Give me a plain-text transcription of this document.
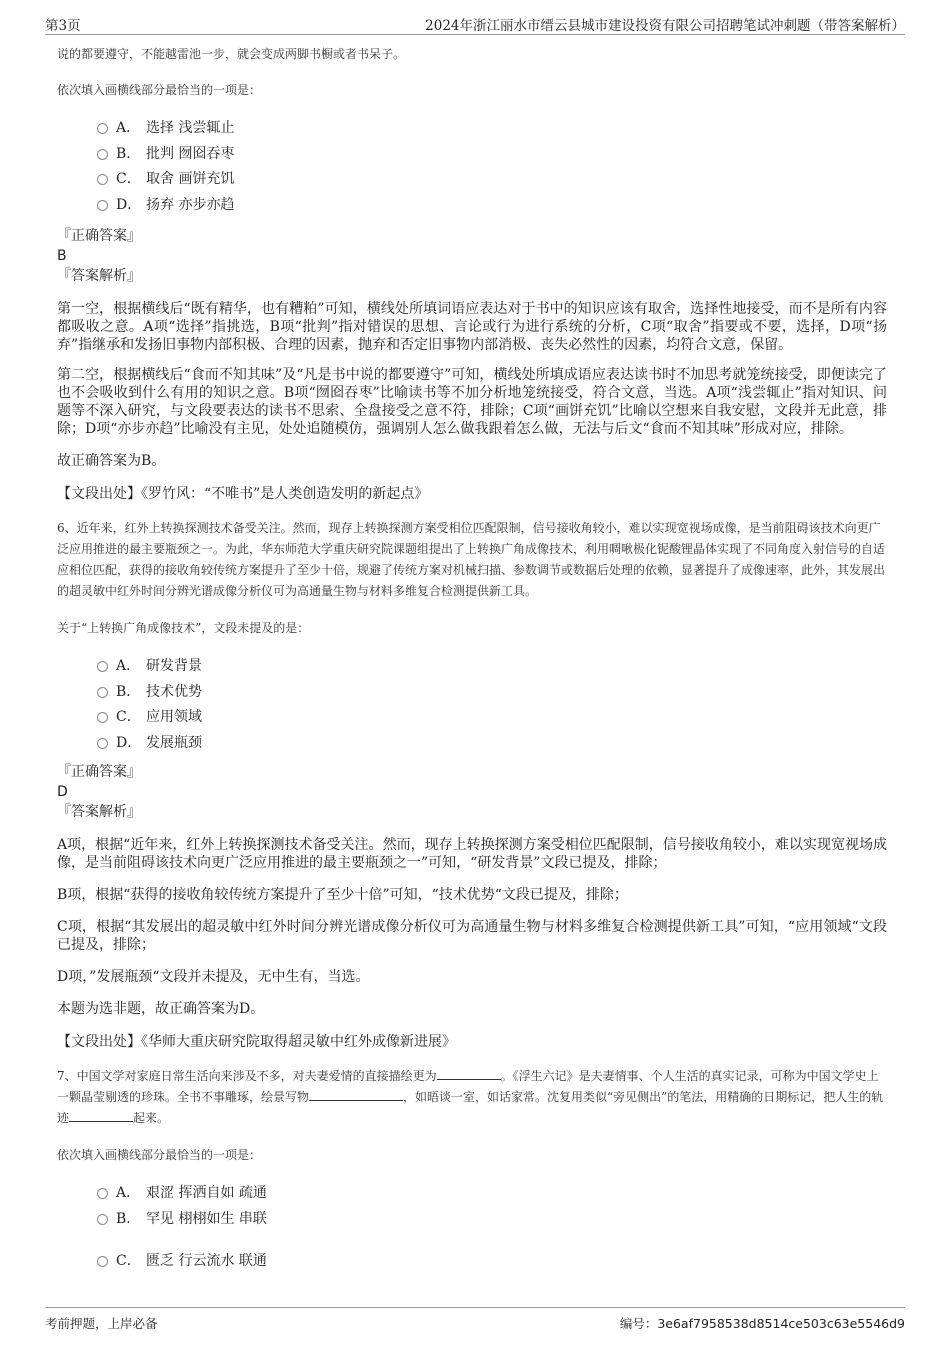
第3页	2024年浙江丽水市缙云县城市建设投资有限公司招聘笔试冲刺题（带答案解析）

说的都要遵守，不能越雷池一步，就会变成两脚书橱或者书呆子。

依次填入画横线部分最恰当的一项是：

A． 选择 浅尝辄止
B． 批判 囫囵吞枣
C． 取舍 画饼充饥
D． 扬弃 亦步亦趋

『正确答案』

B

『答案解析』

第一空，根据横线后“既有精华，也有糟粕”可知，横线处所填词语应表达对于书中的知识应该有取舍，选择性地接受，而不是所有内容都吸收之意。A项“选择”指挑选，B项“批判”指对错误的思想、言论或行为进行系统的分析，C项“取舍”指要或不要，选择，D项“扬弃”指继承和发扬旧事物内部积极、合理的因素，抛弃和否定旧事物内部消极、丧失必然性的因素，均符合文意，保留。

第二空，根据横线后“食而不知其味”及“凡是书中说的都要遵守”可知，横线处所填成语应表达读书时不加思考就笼统接受，即便读完了也不会吸收到什么有用的知识之意。B项“囫囵吞枣”比喻读书等不加分析地笼统接受，符合文意，当选。A项“浅尝辄止”指对知识、问题等不深入研究，与文段要表达的读书不思索、全盘接受之意不符，排除；C项“画饼充饥”比喻以空想来自我安慰，文段并无此意，排除；D项“亦步亦趋”比喻没有主见，处处追随模仿，强调别人怎么做我跟着怎么做，无法与后文“食而不知其味”形成对应，排除。

故正确答案为B。

【文段出处】《罗竹风：“不唯书”是人类创造发明的新起点》

6、近年来，红外上转换探测技术备受关注。然而，现存上转换探测方案受相位匹配限制，信号接收角较小，难以实现宽视场成像，是当前阻碍该技术向更广泛应用推进的最主要瓶颈之一。为此，华东师范大学重庆研究院课题组提出了上转换广角成像技术，利用啁啾极化铌酸锂晶体实现了不同角度入射信号的自适应相位匹配，获得的接收角较传统方案提升了至少十倍，规避了传统方案对机械扫描、参数调节或数据后处理的依赖，显著提升了成像速率，此外，其发展出的超灵敏中红外时间分辨光谱成像分析仪可为高通量生物与材料多维复合检测提供新工具。

关于“上转换广角成像技术”，文段未提及的是：

A． 研发背景
B． 技术优势
C． 应用领域
D． 发展瓶颈

『正确答案』

D

『答案解析』

A项，根据“近年来，红外上转换探测技术备受关注。然而，现存上转换探测方案受相位匹配限制，信号接收角较小，难以实现宽视场成像，是当前阻碍该技术向更广泛应用推进的最主要瓶颈之一”可知，“研发背景”文段已提及，排除；

B项，根据“获得的接收角较传统方案提升了至少十倍”可知，“技术优势“文段已提及，排除；

C项，根据“其发展出的超灵敏中红外时间分辨光谱成像分析仪可为高通量生物与材料多维复合检测提供新工具”可知，“应用领域“文段已提及，排除；

D项，”发展瓶颈“文段并未提及，无中生有，当选。

本题为选非题，故正确答案为D。

【文段出处】《华师大重庆研究院取得超灵敏中红外成像新进展》

7、中国文学对家庭日常生活向来涉及不多，对夫妻爱情的直接描绘更为	。《浮生六记》是夫妻情事、个人生活的真实记录，可称为中国文学史上一颗晶莹剔透的珍珠。全书不事雕琢，绘景写物	，如晤谈一室，如话家常。沈复用类似“旁见侧出”的笔法，用精确的日期标记，把人生的轨迹	起来。

依次填入画横线部分最恰当的一项是：

A． 艰涩 挥洒自如 疏通
B． 罕见 栩栩如生 串联
C． 匮乏 行云流水 联通
考前押题，上岸必备	编号：3e6af7958538d8514ce503c63e5546d9
